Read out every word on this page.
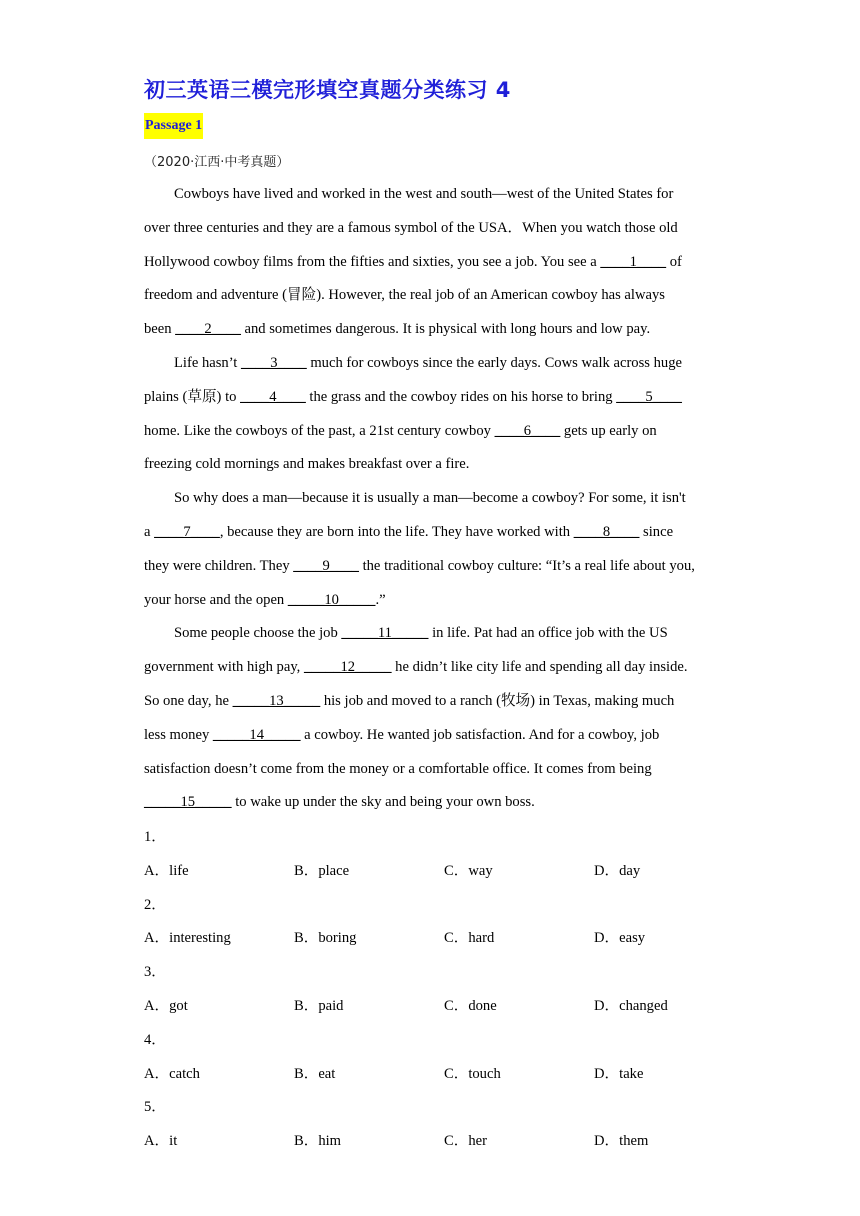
初三英语三模完形填空真题分类练习 4
Passage 1
（2020·江西·中考真题）
Cowboys have lived and worked in the west and south—west of the United States for
over three centuries and they are a famous symbol of the USA．When you watch those old
Hollywood cowboy films from the fifties and sixties, you see a job. You see a ____1____ of
freedom and adventure (冒险). However, the real job of an American cowboy has always
been ____2____ and sometimes dangerous. It is physical with long hours and low pay.
Life hasn’t ____3____ much for cowboys since the early days. Cows walk across huge
plains (草原) to ____4____ the grass and the cowboy rides on his horse to bring ____5____
home. Like the cowboys of the past, a 21st century cowboy ____6____ gets up early on
freezing cold mornings and makes breakfast over a fire.
So why does a man—because it is usually a man—become a cowboy? For some, it isn't
a ____7____, because they are born into the life. They have worked with ____8____ since
they were children. They ____9____ the traditional cowboy culture: “It’s a real life about you,
your horse and the open _____10_____.”
Some people choose the job _____11_____ in life. Pat had an office job with the US
government with high pay, _____12_____ he didn’t like city life and spending all day inside.
So one day, he _____13_____ his job and moved to a ranch (牧场) in Texas, making much
less money _____14_____ a cowboy. He wanted job satisfaction. And for a cowboy, job
satisfaction doesn’t come from the money or a comfortable office. It comes from being
_____15_____ to wake up under the sky and being your own boss.
1．
A．life	B．place	C．way	D．day
2．
A．interesting	B．boring	C．hard	D．easy
3．
A．got	B．paid	C．done	D．changed
4．
A．catch	B．eat	C．touch	D．take
5．
A．it	B．him	C．her	D．them
